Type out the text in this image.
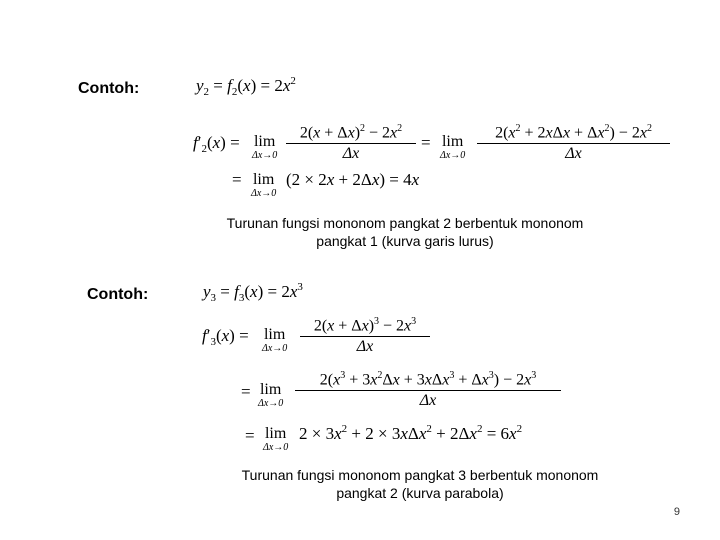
Contoh:	y2 = f2(x) = 2x2
f′2(x) = lim
Δx→0
$2(x + \Delta x)^2 - 2x^2$
Δx
= lim
Δx→0
$2(x^2 + 2x\Delta x + \Delta x^2) - 2x^2$
Δx
= lim
Δx→0
(2 × 2x + 2Δx) = 4x
Turunan fungsi mononom pangkat 2 berbentuk mononom
pangkat 1 (kurva garis lurus)
Contoh:	y3 = f3(x) = 2x3
f′3(x) = lim
Δx→0
$2(x + \Delta x)^3 - 2x^3$
Δx
= lim
Δx→0
$2(x^3 + 3x^2\Delta x + 3x\Delta x^3 + \Delta x^3) - 2x^3$
Δx
= lim
Δx→0
2 × 3x2 + 2 × 3xΔx2 + 2Δx2 = 6x2
Turunan fungsi mononom pangkat 3 berbentuk mononom
pangkat 2 (kurva parabola)
9
